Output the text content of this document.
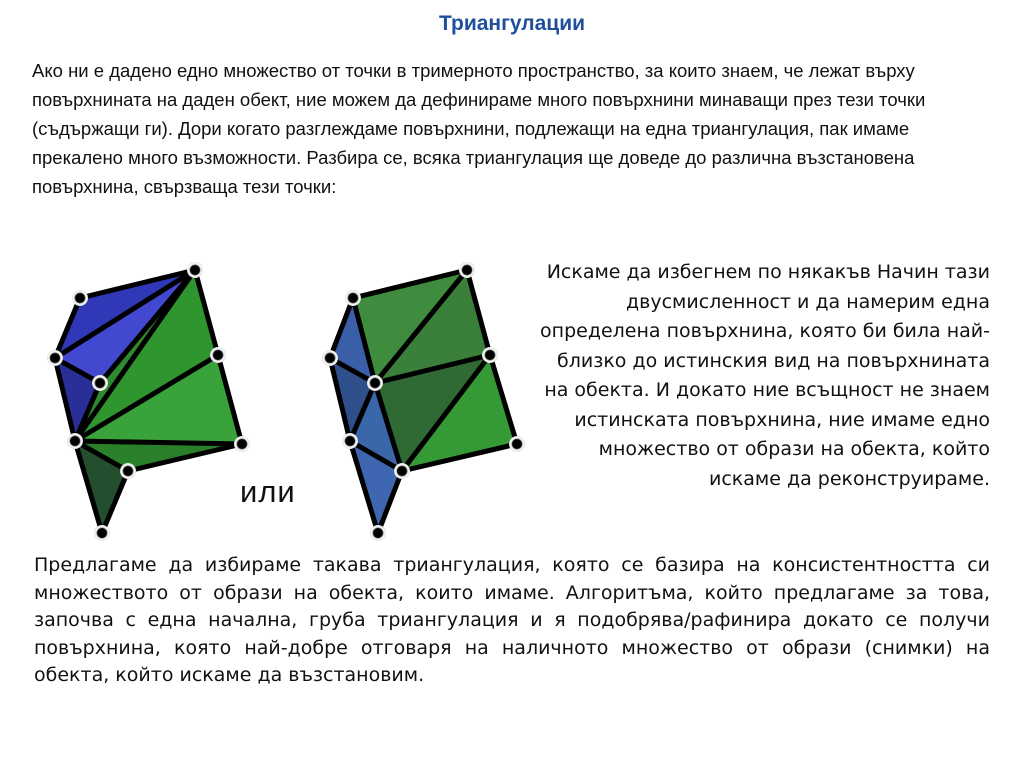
Триангулации
Ако ни е дадено едно множество от точки в тримерното пространство, за които знаем, че лежат върху повърхнината на даден обект, ние можем да дефинираме много повърхнини минаващи през тези точки (съдържащи ги). Дори когато разглеждаме повърхнини, подлежащи на една триангулация, пак имаме прекалено много възможности. Разбира се, всяка триангулация ще доведе до различна възстановена повърхнина, свързваща тези точки:
или
Искаме да избегнем по някакъв Начин тази двусмисленност и да намерим една определена повърхнина, която би била най-близко до истинския вид на повърхнината на обекта. И докато ние всъщност не знаем истинската повърхнина, ние имаме едно множество от образи на обекта, който искаме да реконструираме.
Предлагаме да избираме такава триангулация, която се базира на консистентността си множеството от образи на обекта, които имаме. Алгоритъма, който предлагаме за това, започва с една начална, груба триангулация и я подобрява/рафинира докато се получи повърхнина, която най-добре отговаря на наличното множество от образи (снимки) на обекта, който искаме да възстановим.
